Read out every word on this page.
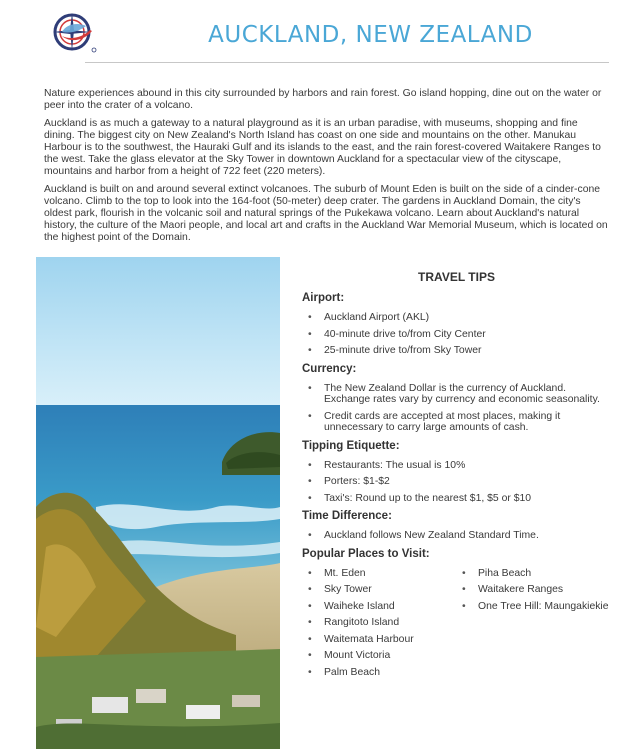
AUCKLAND, NEW ZEALAND

Nature experiences abound in this city surrounded by harbors and rain forest. Go island hopping, dine out on the water or peer into the crater of a volcano.

Auckland is as much a gateway to a natural playground as it is an urban paradise, with museums, shopping and fine dining. The biggest city on New Zealand's North Island has coast on one side and mountains on the other. Manukau Harbour is to the southwest, the Hauraki Gulf and its islands to the east, and the rain forest-covered Waitakere Ranges to the west. Take the glass elevator at the Sky Tower in downtown Auckland for a spectacular view of the cityscape, mountains and harbor from a height of 722 feet (220 meters).

Auckland is built on and around several extinct volcanoes. The suburb of Mount Eden is built on the side of a cinder-cone volcano. Climb to the top to look into the 164-foot (50-meter) deep crater. The gardens in Auckland Domain, the city's oldest park, flourish in the volcanic soil and natural springs of the Pukekawa volcano. Learn about Auckland's natural history, the culture of the Maori people, and local art and crafts in the Auckland War Memorial Museum, which is located on the highest point of the Domain.

TRAVEL TIPS
Airport:
• Auckland Airport (AKL)
• 40-minute drive to/from City Center
• 25-minute drive to/from Sky Tower
Currency:
• The New Zealand Dollar is the currency of Auckland. Exchange rates vary by currency and economic seasonality.
• Credit cards are accepted at most places, making it unnecessary to carry large amounts of cash.
Tipping Etiquette:
• Restaurants: The usual is 10%
• Porters: $1-$2
• Taxi's: Round up to the nearest $1, $5 or $10
Time Difference:
• Auckland follows New Zealand Standard Time.
Popular Places to Visit:
• Mt. Eden
• Sky Tower
• Waiheke Island
• Rangitoto Island
• Waitemata Harbour
• Mount Victoria
• Palm Beach
• Piha Beach
• Waitakere Ranges
• One Tree Hill: Maungakiekie
